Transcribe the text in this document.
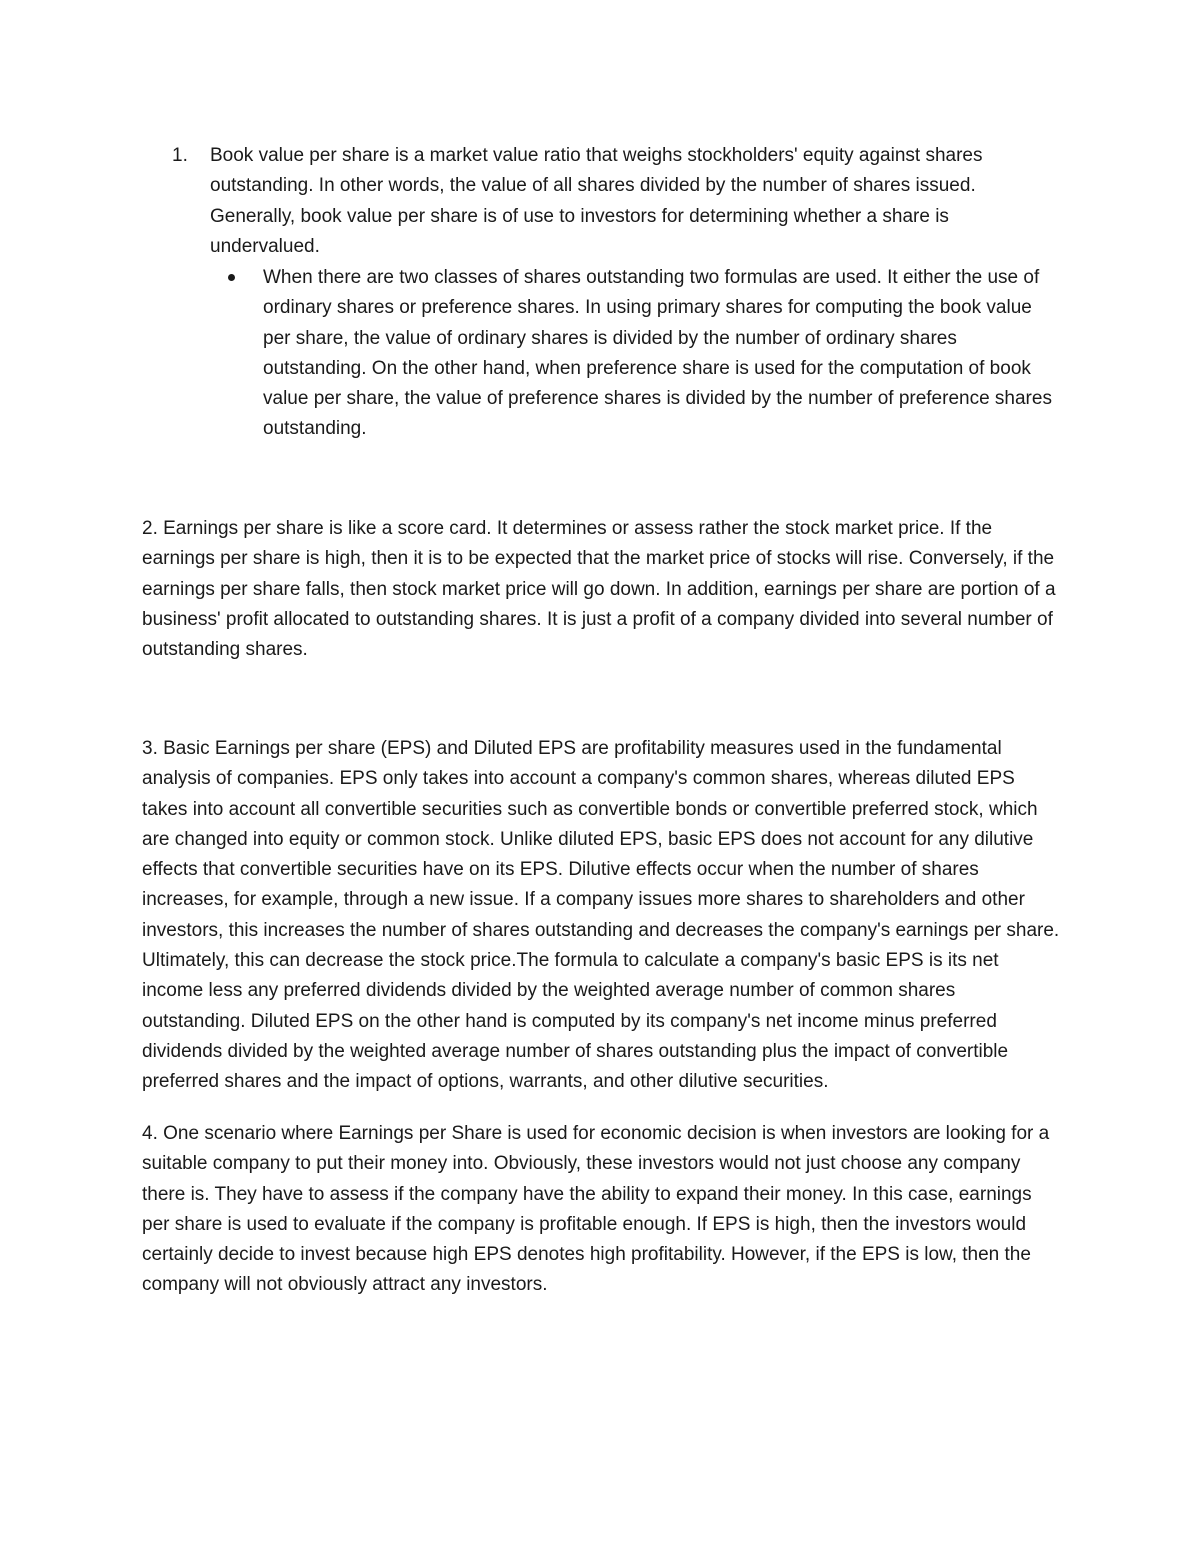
1. Book value per share is a market value ratio that weighs stockholders' equity against shares outstanding. In other words, the value of all shares divided by the number of shares issued. Generally, book value per share is of use to investors for determining whether a share is undervalued.
When there are two classes of shares outstanding two formulas are used. It either the use of ordinary shares or preference shares. In using primary shares for computing the book value per share, the value of ordinary shares is divided by the number of ordinary shares outstanding. On the other hand, when preference share is used for the computation of book value per share, the value of preference shares is divided by the number of preference shares outstanding.

2. Earnings per share is like a score card. It determines or assess rather the stock market price. If the earnings per share is high, then it is to be expected that the market price of stocks will rise. Conversely, if the earnings per share falls, then stock market price will go down. In addition, earnings per share are portion of a business' profit allocated to outstanding shares. It is just a profit of a company divided into several number of outstanding shares.

3. Basic Earnings per share (EPS) and Diluted EPS are profitability measures used in the fundamental analysis of companies. EPS only takes into account a company's common shares, whereas diluted EPS takes into account all convertible securities such as convertible bonds or convertible preferred stock, which are changed into equity or common stock. Unlike diluted EPS, basic EPS does not account for any dilutive effects that convertible securities have on its EPS. Dilutive effects occur when the number of shares increases, for example, through a new issue. If a company issues more shares to shareholders and other investors, this increases the number of shares outstanding and decreases the company's earnings per share. Ultimately, this can decrease the stock price.The formula to calculate a company's basic EPS is its net income less any preferred dividends divided by the weighted average number of common shares outstanding. Diluted EPS on the other hand is computed by its company's net income minus preferred dividends divided by the weighted average number of shares outstanding plus the impact of convertible preferred shares and the impact of options, warrants, and other dilutive securities.

4. One scenario where Earnings per Share is used for economic decision is when investors are looking for a suitable company to put their money into. Obviously, these investors would not just choose any company there is. They have to assess if the company have the ability to expand their money. In this case, earnings per share is used to evaluate if the company is profitable enough. If EPS is high, then the investors would certainly decide to invest because high EPS denotes high profitability. However, if the EPS is low, then the company will not obviously attract any investors.
